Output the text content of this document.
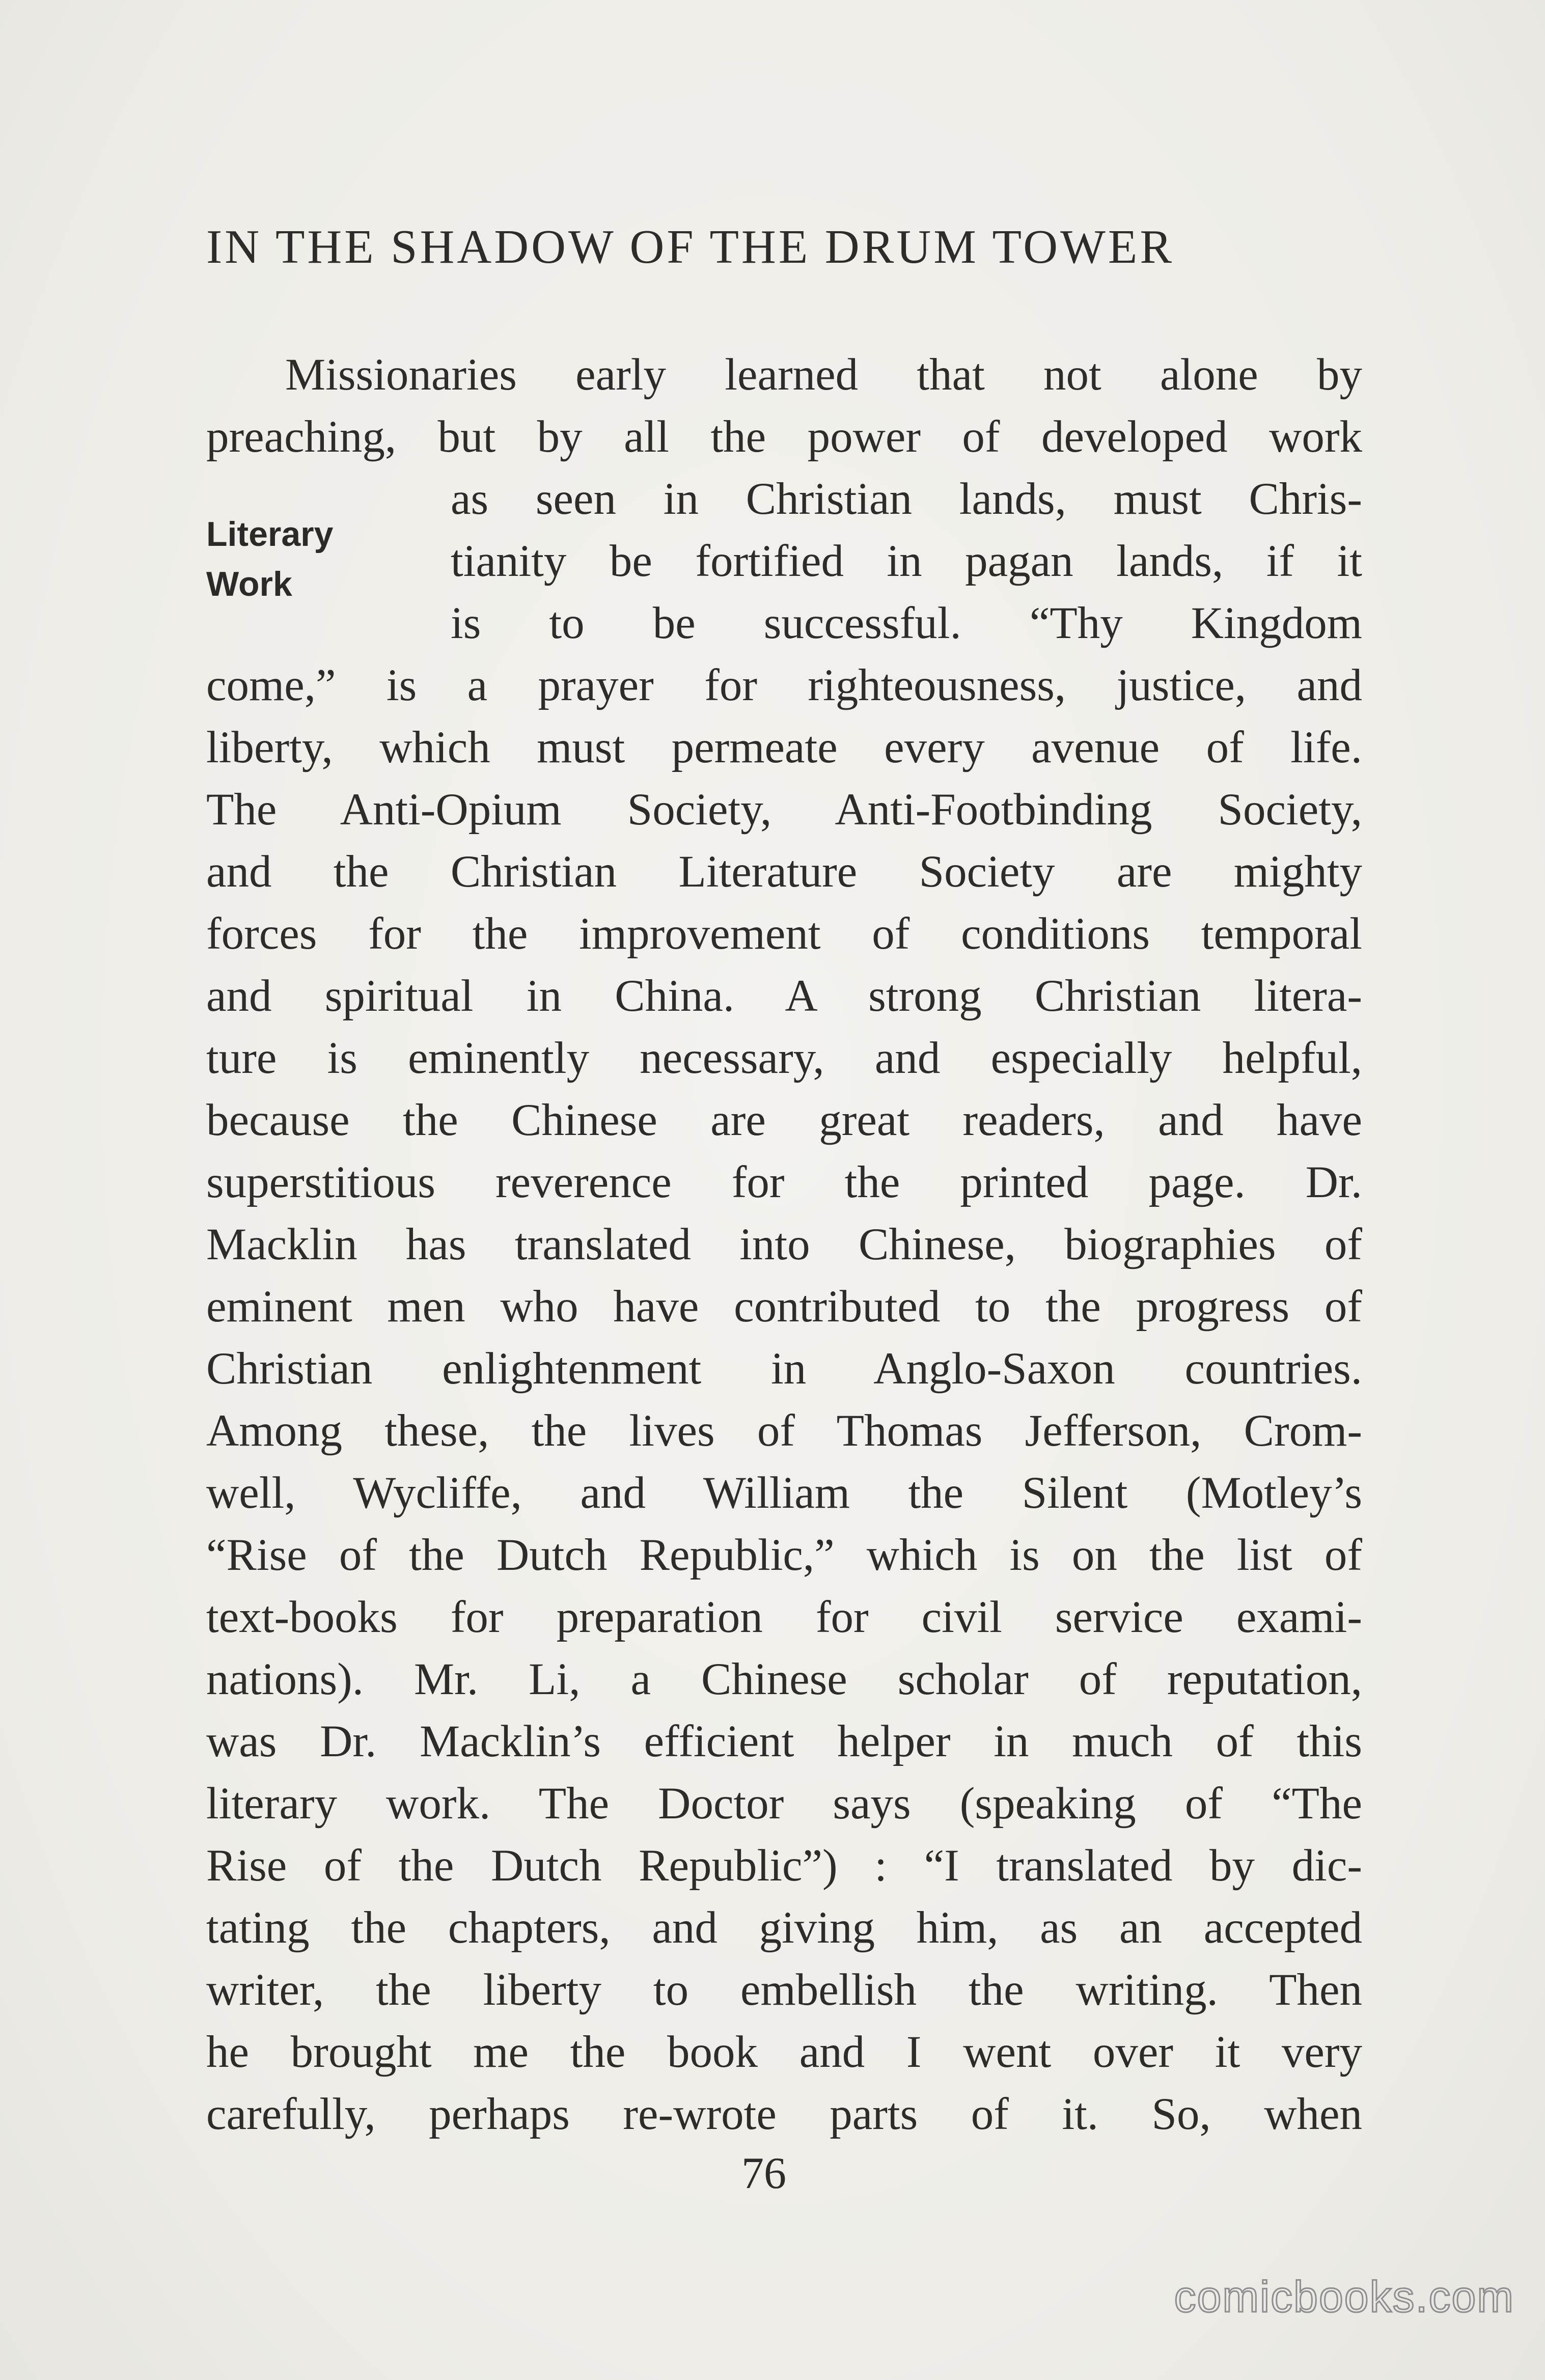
IN THE SHADOW OF THE DRUM TOWER
Literary
Work
Missionaries early learned that not alone by
preaching, but by all the power of developed work
as seen in Christian lands, must Chris-
tianity be fortified in pagan lands, if it
is to be successful. “Thy Kingdom
come,” is a prayer for righteousness, justice, and
liberty, which must permeate every avenue of life.
The Anti-Opium Society, Anti-Footbinding Society,
and the Christian Literature Society are mighty
forces for the improvement of conditions temporal
and spiritual in China. A strong Christian litera-
ture is eminently necessary, and especially helpful,
because the Chinese are great readers, and have
superstitious reverence for the printed page. Dr.
Macklin has translated into Chinese, biographies of
eminent men who have contributed to the progress of
Christian enlightenment in Anglo-Saxon countries.
Among these, the lives of Thomas Jefferson, Crom-
well, Wycliffe, and William the Silent (Motley’s
“Rise of the Dutch Republic,” which is on the list of
text-books for preparation for civil service exami-
nations). Mr. Li, a Chinese scholar of reputation,
was Dr. Macklin’s efficient helper in much of this
literary work. The Doctor says (speaking of “The
Rise of the Dutch Republic”) : “I translated by dic-
tating the chapters, and giving him, as an accepted
writer, the liberty to embellish the writing. Then
he brought me the book and I went over it very
carefully, perhaps re-wrote parts of it. So, when
76
comicbooks.com
